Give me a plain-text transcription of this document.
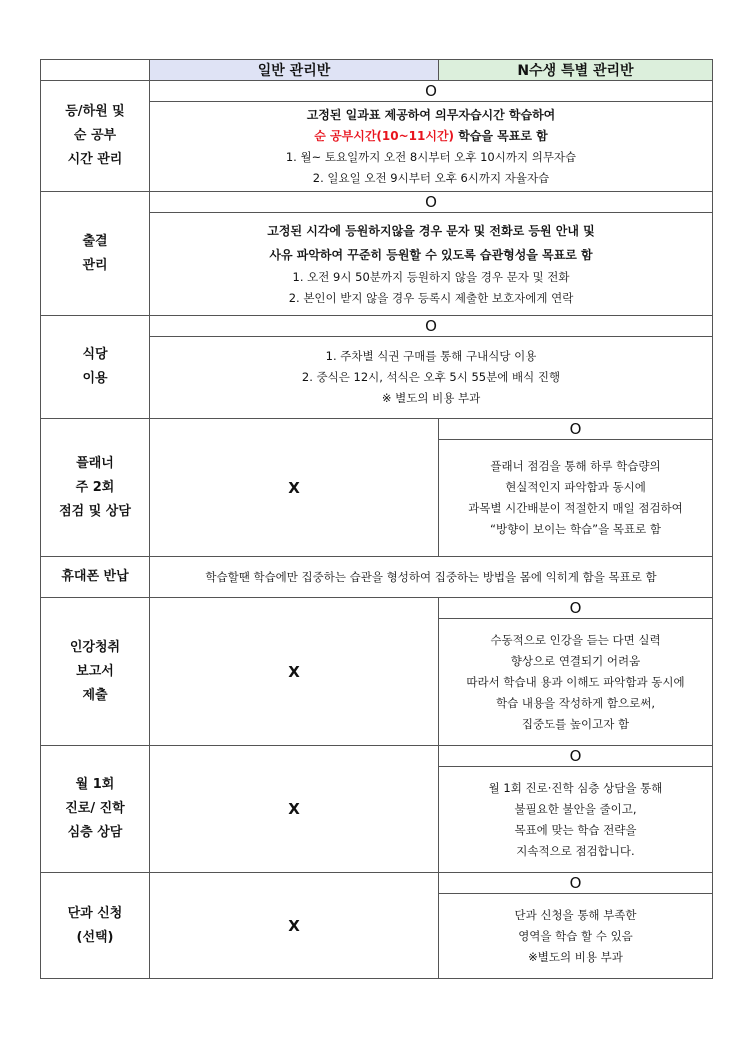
	일반 관리반	N수생 특별 관리반

등/하원 및
순 공부
시간 관리	O	

	고정된 일과표 제공하여 의무자습시간 학습하여
순 공부시간(10~11시간) 학습을 목표로 함
1. 월~ 토요일까지 오전 8시부터 오후 10시까지 의무자습
2. 일요일 오전 9시부터 오후 6시까지 자율자습	

출결
관리	O	

	고정된 시각에 등원하지않을 경우 문자 및 전화로 등원 안내 및
사유 파악하여 꾸준히 등원할 수 있도록 습관형성을 목표로 함
1. 오전 9시 50분까지 등원하지 않을 경우 문자 및 전화
2. 본인이 받지 않을 경우 등록시 제출한 보호자에게 연락	

식당
이용	O	

	1. 주차별 식권 구매를 통해 구내식당 이용
2. 중식은 12시, 석식은 오후 5시 55분에 배식 진행
※ 별도의 비용 부과	

플래너
주 2회
점검 및 상담	X	O

		플래너 점검을 통해 하루 학습량의
현실적인지 파악함과 동시에
과목별 시간배분이 적절한지 매일 점검하여
“방향이 보이는 학습”을 목표로 함

휴대폰 반납	학습할땐 학습에만 집중하는 습관을 형성하여 집중하는 방법을 몸에 익히게 함을 목표로 함	

인강청취
보고서
제출	X	O

		수동적으로 인강을 듣는 다면 실력
향상으로 연결되기 어려움
따라서 학습내 용과 이해도 파악함과 동시에
학습 내용을 작성하게 함으로써,
집중도를 높이고자 함

월 1회
진로/ 진학
심층 상담	X	O

		월 1회 진로·진학 심층 상담을 통해
불필요한 불안을 줄이고,
목표에 맞는 학습 전략을
지속적으로 점검합니다.

단과 신청
(선택)	X	O

		단과 신청을 통해 부족한
영역을 학습 할 수 있음
※별도의 비용 부과
